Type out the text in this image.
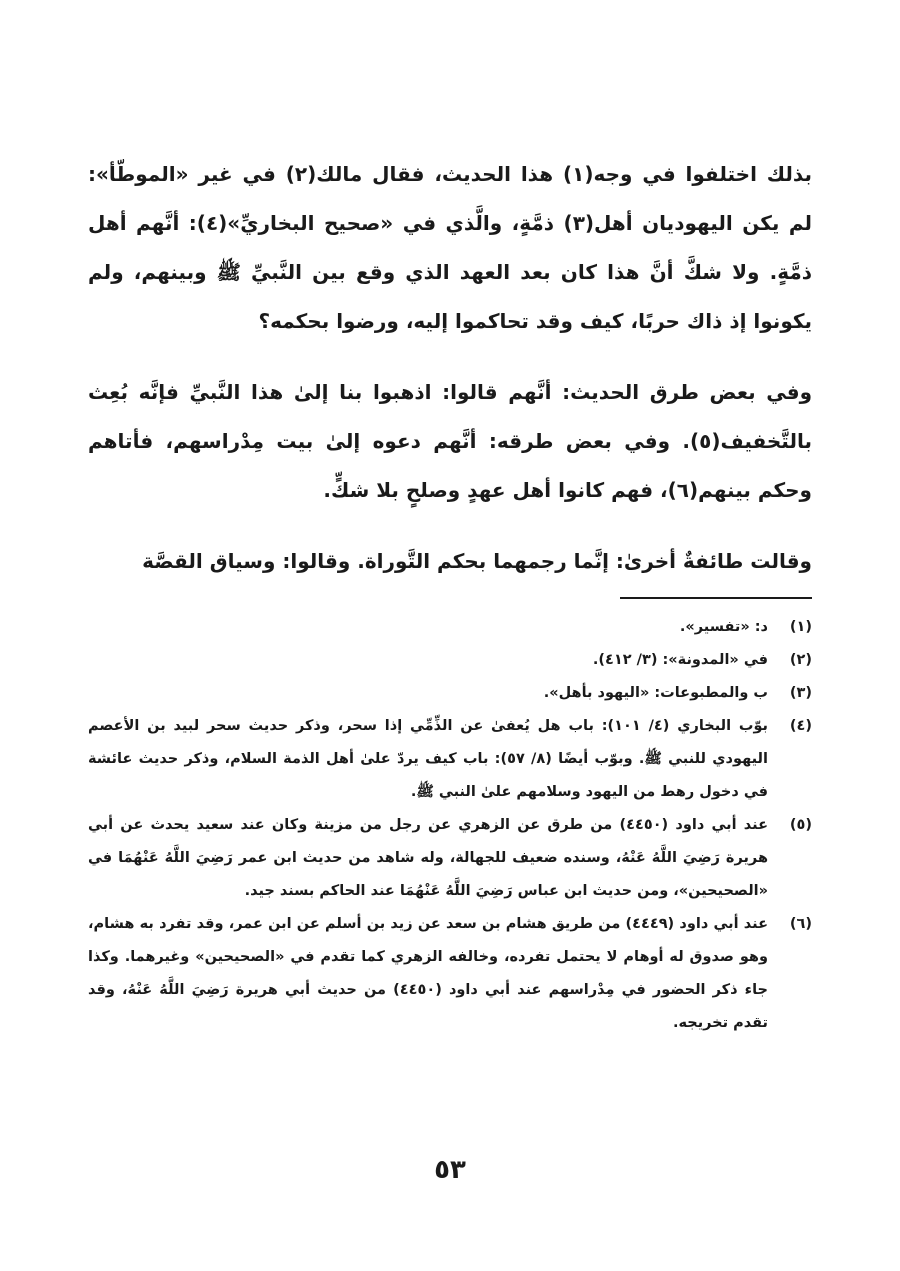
بذلك اختلفوا في وجه(١) هذا الحديث، فقال مالك(٢) في غير «الموطّأ»: لم يكن اليهوديان أهل(٣) ذمَّةٍ، والَّذي في «صحيح البخاريِّ»(٤): أنَّهم أهل ذمَّةٍ. ولا شكَّ أنَّ هذا كان بعد العهد الذي وقع بين النَّبيِّ ﷺ وبينهم، ولم يكونوا إذ ذاك حربًا، كيف وقد تحاكموا إليه، ورضوا بحكمه؟

وفي بعض طرق الحديث: أنَّهم قالوا: اذهبوا بنا إلىٰ هذا النَّبيِّ فإنَّه بُعِث بالتَّخفيف(٥). وفي بعض طرقه: أنَّهم دعوه إلىٰ بيت مِدْراسهم، فأتاهم وحكم بينهم(٦)، فهم كانوا أهل عهدٍ وصلحٍ بلا شكٍّ.

وقالت طائفةٌ أخرىٰ: إنَّما رجمهما بحكم التَّوراة. وقالوا: وسياق القصَّة

(١)
د: «تفسير».
(٢)
في «المدونة»: (٣/ ٤١٢).
(٣)
ب والمطبوعات: «اليهود بأهل».
(٤)
بوّب البخاري (٤/ ١٠١): باب هل يُعفىٰ عن الذِّمِّي إذا سحر، وذكر حديث سحر لبيد بن الأعصم اليهودي للنبي ﷺ. وبوّب أيضًا (٨/ ٥٧): باب كيف يردّ علىٰ أهل الذمة السلام، وذكر حديث عائشة في دخول رهط من اليهود وسلامهم علىٰ النبي ﷺ.
(٥)
عند أبي داود (٤٤٥٠) من طرق عن الزهري عن رجل من مزينة وكان عند سعيد يحدث عن أبي هريرة رَضِيَ اللَّهُ عَنْهُ، وسنده ضعيف للجهالة، وله شاهد من حديث ابن عمر رَضِيَ اللَّهُ عَنْهُمَا في «الصحيحين»، ومن حديث ابن عباس رَضِيَ اللَّهُ عَنْهُمَا عند الحاكم بسند جيد.
(٦)
عند أبي داود (٤٤٤٩) من طريق هشام بن سعد عن زيد بن أسلم عن ابن عمر، وقد تفرد به هشام، وهو صدوق له أوهام لا يحتمل تفرده، وخالفه الزهري كما تقدم في «الصحيحين» وغيرهما. وكذا جاء ذكر الحضور في مِدْراسهم عند أبي داود (٤٤٥٠) من حديث أبي هريرة رَضِيَ اللَّهُ عَنْهُ، وقد تقدم تخريجه.
٥٣
